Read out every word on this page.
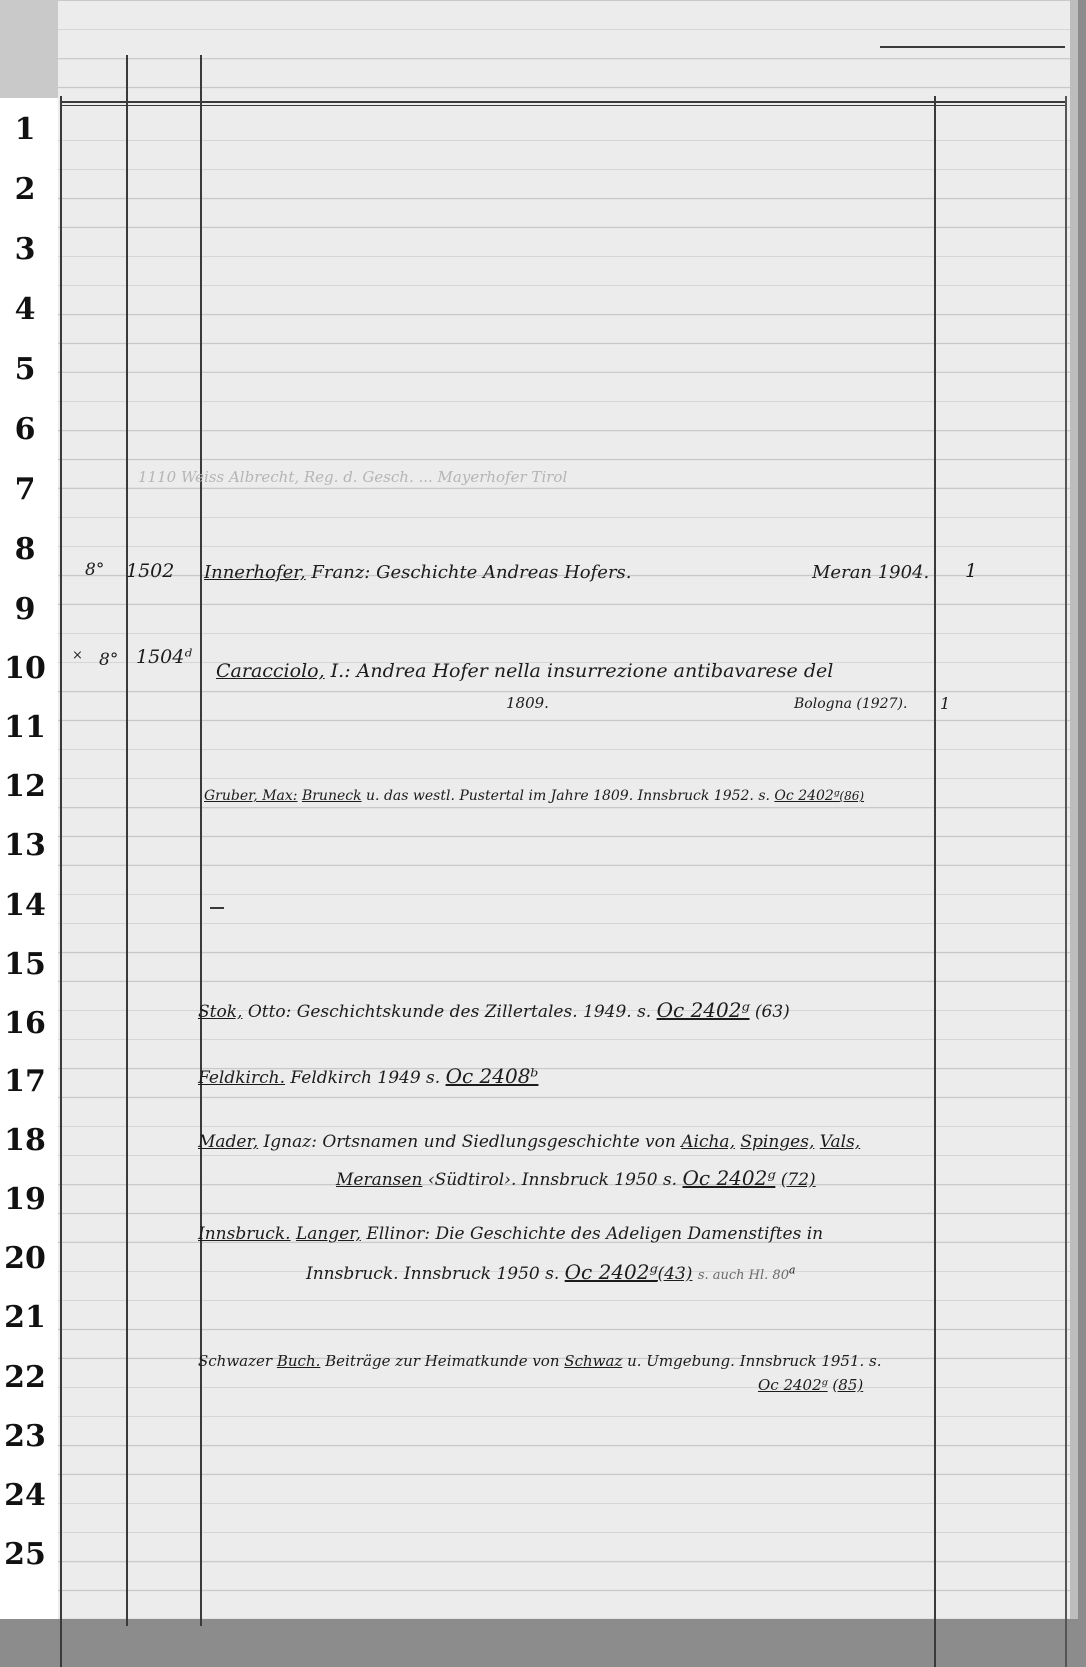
1
2
3
4
5
6
7
8
9
10
11
12
13
14
15
16
17
18
19
20
21
22
23
24
25
1110 Weiss Albrecht, Reg. d. Gesch. ... Mayerhofer Tirol
8° 1502 Innerhofer, Franz: Geschichte Andreas Hofers.	Meran 1904. 1
× 8° 1504ᵈ
Caracciolo, I.: Andrea Hofer nella insurrezione antibavarese del
1809.	Bologna (1927). 1
Gruber, Max: Bruneck u. das westl. Pustertal im Jahre 1809. Innsbruck 1952. s. Oc 2402ᵍ(86)
Stok, Otto: Geschichtskunde des Zillertales. 1949. s. Oc 2402ᵍ (63)
Feldkirch. Feldkirch 1949 s. Oc 2408ᵇ
Mader, Ignaz: Ortsnamen und Siedlungsgeschichte von Aicha, Spinges, Vals,
Meransen ‹Südtirol›. Innsbruck 1950 s. Oc 2402ᵍ (72)
Innsbruck. Langer, Ellinor: Die Geschichte des Adeligen Damenstiftes in
Innsbruck. Innsbruck 1950 s. Oc 2402ᵍ(43) s. auch Hl. 80$^a$
Schwazer Buch. Beiträge zur Heimatkunde von Schwaz u. Umgebung. Innsbruck 1951. s.
Oc 2402ᵍ (85)
